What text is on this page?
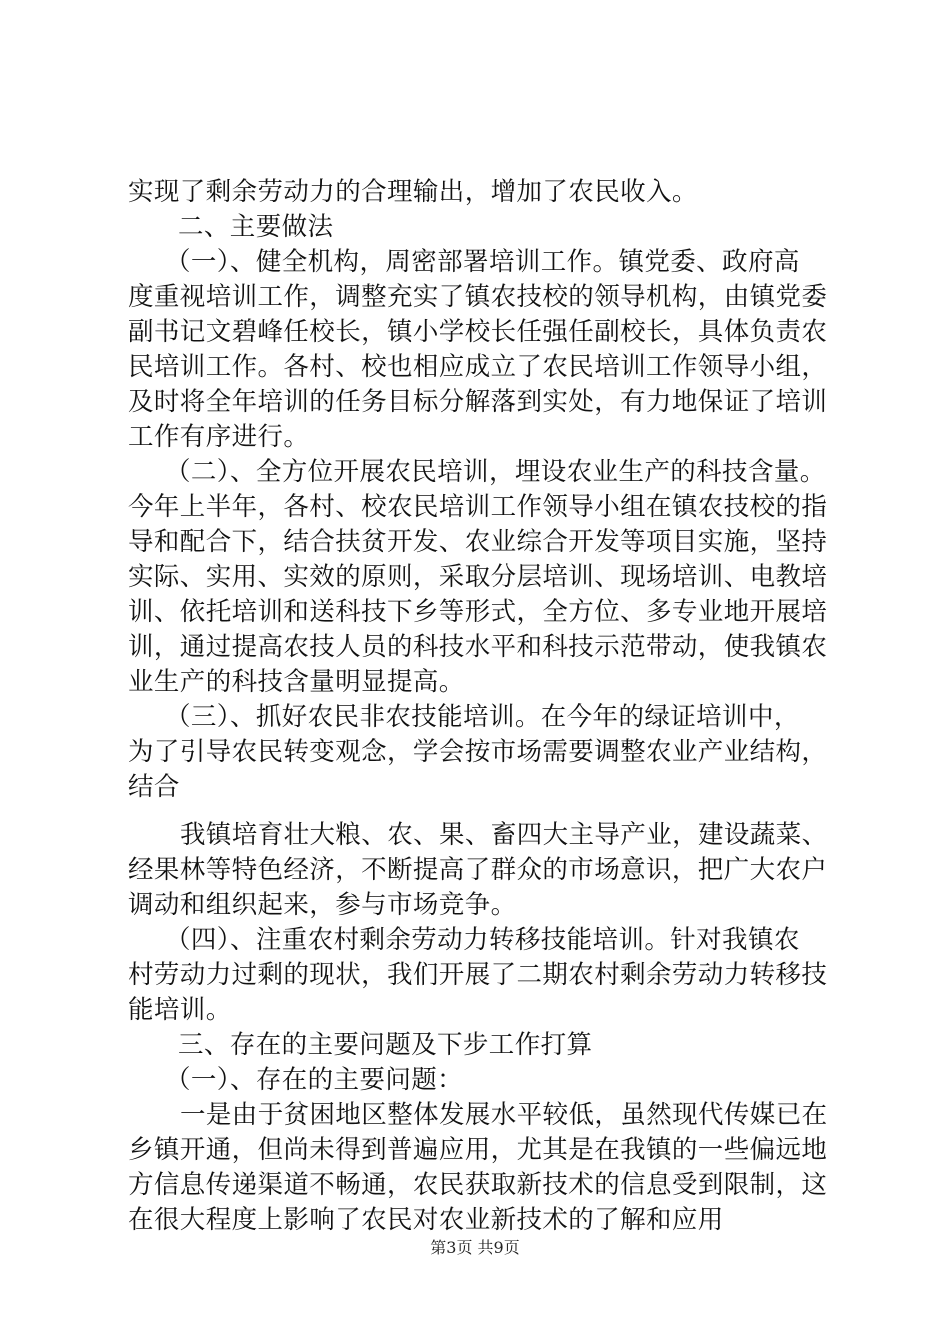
实现了剩余劳动力的合理输出，增加了农民收入。
二、主要做法
（一）、健全机构，周密部署培训工作。镇党委、政府高
度重视培训工作，调整充实了镇农技校的领导机构，由镇党委
副书记文碧峰任校长，镇小学校长任强任副校长，具体负责农
民培训工作。各村、校也相应成立了农民培训工作领导小组，
及时将全年培训的任务目标分解落到实处，有力地保证了培训
工作有序进行。
（二）、全方位开展农民培训，埋设农业生产的科技含量。
今年上半年，各村、校农民培训工作领导小组在镇农技校的指
导和配合下，结合扶贫开发、农业综合开发等项目实施，坚持
实际、实用、实效的原则，采取分层培训、现场培训、电教培
训、依托培训和送科技下乡等形式，全方位、多专业地开展培
训，通过提高农技人员的科技水平和科技示范带动，使我镇农
业生产的科技含量明显提高。
（三）、抓好农民非农技能培训。在今年的绿证培训中，
为了引导农民转变观念，学会按市场需要调整农业产业结构，
结合
我镇培育壮大粮、农、果、畜四大主导产业，建设蔬菜、
经果林等特色经济，不断提高了群众的市场意识，把广大农户
调动和组织起来，参与市场竞争。
（四）、注重农村剩余劳动力转移技能培训。针对我镇农
村劳动力过剩的现状，我们开展了二期农村剩余劳动力转移技
能培训。
三、存在的主要问题及下步工作打算
（一）、存在的主要问题：
一是由于贫困地区整体发展水平较低，虽然现代传媒已在
乡镇开通，但尚未得到普遍应用，尤其是在我镇的一些偏远地
方信息传递渠道不畅通，农民获取新技术的信息受到限制，这
在很大程度上影响了农民对农业新技术的了解和应用
第3页 共9页
